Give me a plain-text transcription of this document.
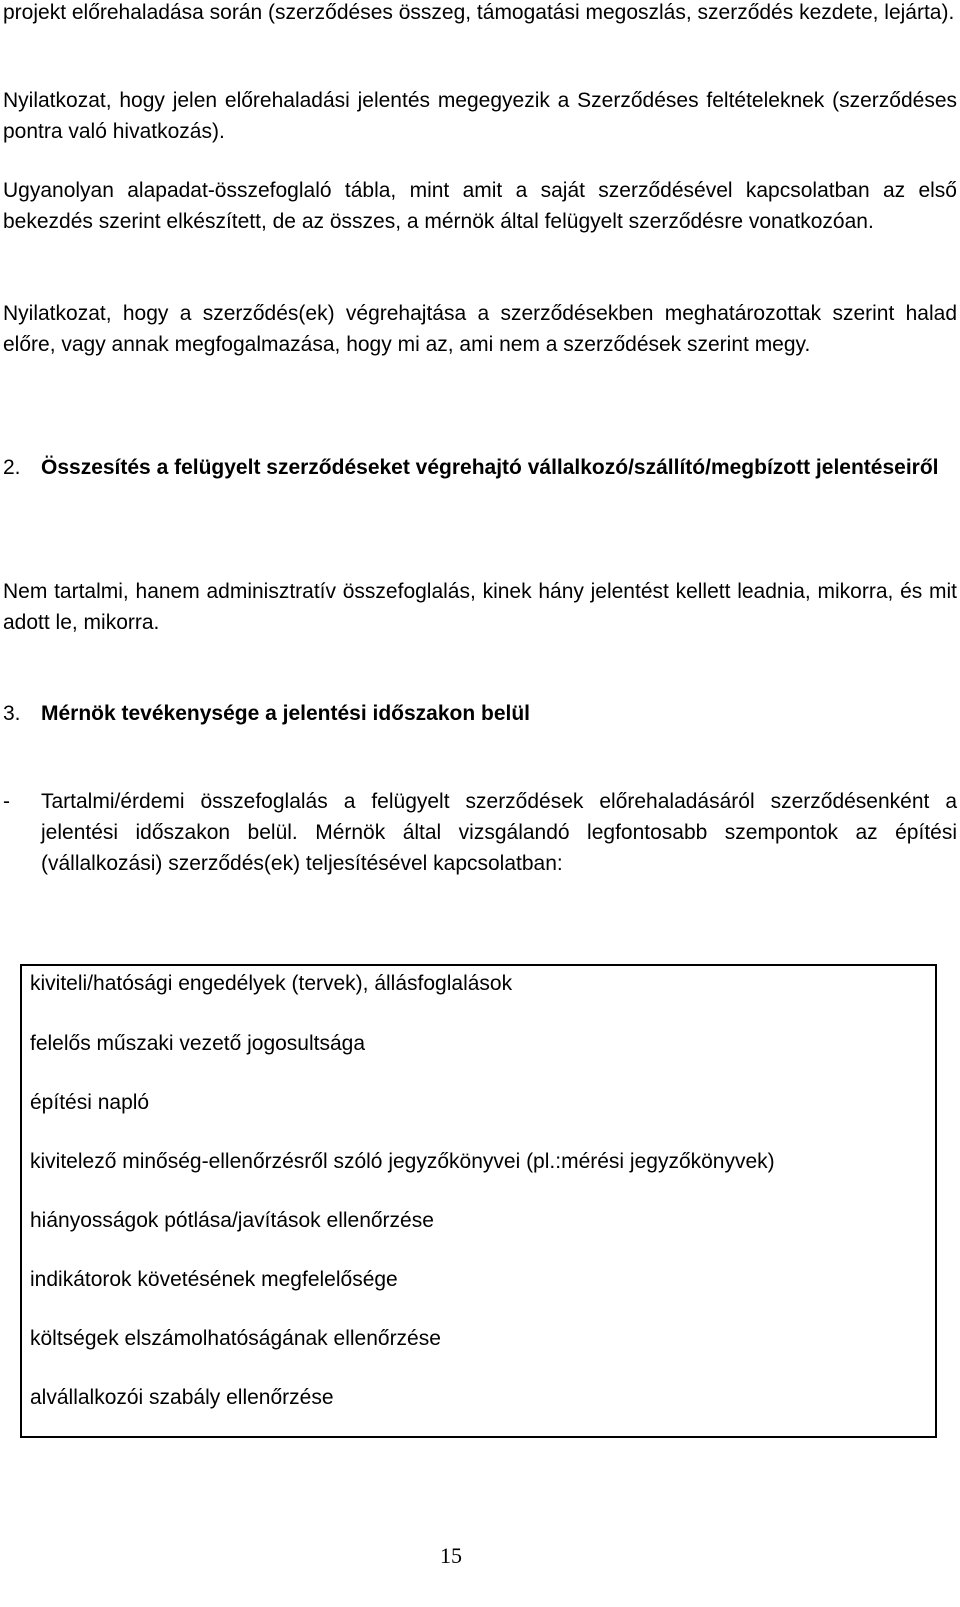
projekt előrehaladása során (szerződéses összeg, támogatási megoszlás, szerződés kezdete, lejárta).

Nyilatkozat, hogy jelen előrehaladási jelentés megegyezik a Szerződéses feltételeknek (szerződéses pontra való hivatkozás).

Ugyanolyan alapadat-összefoglaló tábla, mint amit a saját szerződésével kapcsolatban az első bekezdés szerint elkészített, de az összes, a mérnök által felügyelt szerződésre vonatkozóan.

Nyilatkozat, hogy a szerződés(ek) végrehajtása a szerződésekben meghatározottak szerint halad előre, vagy annak megfogalmazása, hogy mi az, ami nem a szerződések szerint megy.

2. Összesítés a felügyelt szerződéseket végrehajtó vállalkozó/szállító/megbízott jelentéseiről

Nem tartalmi, hanem adminisztratív összefoglalás, kinek hány jelentést kellett leadnia, mikorra, és mit adott le, mikorra.

3. Mérnök tevékenysége a jelentési időszakon belül
-	Tartalmi/érdemi összefoglalás a felügyelt szerződések előrehaladásáról szerződésenként a jelentési időszakon belül. Mérnök által vizsgálandó legfontosabb szempontok az építési (vállalkozási) szerződés(ek) teljesítésével kapcsolatban:
kiviteli/hatósági engedélyek (tervek), állásfoglalások
felelős műszaki vezető jogosultsága
építési napló
kivitelező minőség-ellenőrzésről szóló jegyzőkönyvei (pl.:mérési jegyzőkönyvek)
hiányosságok pótlása/javítások ellenőrzése
indikátorok követésének megfelelősége
költségek elszámolhatóságának ellenőrzése
alvállalkozói szabály ellenőrzése
15
